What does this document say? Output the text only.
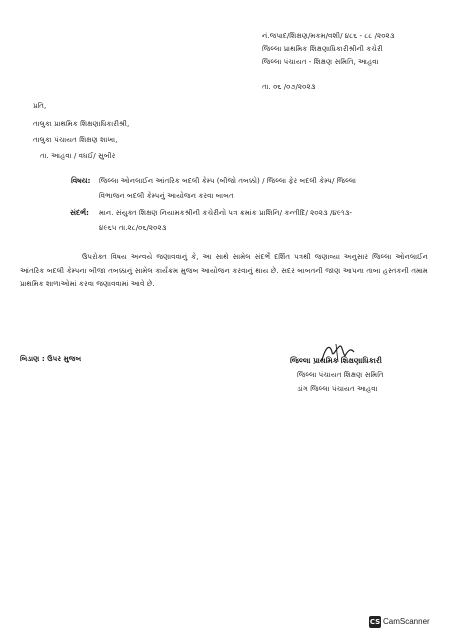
નં.જપાદ/શિક્ષણ/મકમ/વશી/ ૪૮૬ - ૮૮ /૨૦૨૩
જિલ્લા પ્રાથમિક શિક્ષણાધિકારીશ્રીની કચેરી
જિલ્લા પંચાયત - શિક્ષણ સમિતિ, આહવા
તા. ૦૬ /૦૭/૨૦૨૩
પ્રતિ,
તાલુકા પ્રાથમિક શિક્ષણાધિકારીશ્રી,
તાલુકા પંચાયત શિક્ષણ શાખા,
તા. આહવા / વઘઈ/ સુબીર
વિષય: જિલ્લા ઓનલાઈન આંતરિક બદલી કેમ્પ (બીજો તબક્કો) / જિલ્લા ફેર બદલી કેમ્પ/ જિલ્લા
વિભાજન બદલી કેમ્પનું આયોજન કરવા બાબત
સંદર્ભ: માન. સંયુક્ત શિક્ષણ નિયામકશ્રીની કચેરીનો પત્ર ક્રમાંક પ્રાશિનિ/ કન્તીદિ/ ૨૦૨૩ /૪૯૧૩-
૪૯૬૫ તા.૨૮/૦૬/૨૦૨૩
ઉપરોક્ત વિષય અન્વયે જણાવવાનું કે, આ સાથે સામેલ સંદર્ભે દર્શિત પત્રથી જણાવ્યા અનુસાર જિલ્લા ઓનલાઈન આંતરિક બદલી કેમ્પના બીજા તબક્કાનું સામેલ કાર્યક્રમ મુજબ આયોજન કરવાનું થાય છે. સદર બાબતની જાણ આપના તાબા હસ્તકની તમામ પ્રાથમિક શાળાઓમાં કરવા જણાવવામાં આવે છે.
બિડાણ : ઉપર મુજબ	જિલ્લા પ્રાથમિક શિક્ષણાધિકારી
જિલ્લા પંચાયત શિક્ષણ સમિતિ
ડાંગ જિલ્લા પંચાયત આહવા
CS CamScanner
